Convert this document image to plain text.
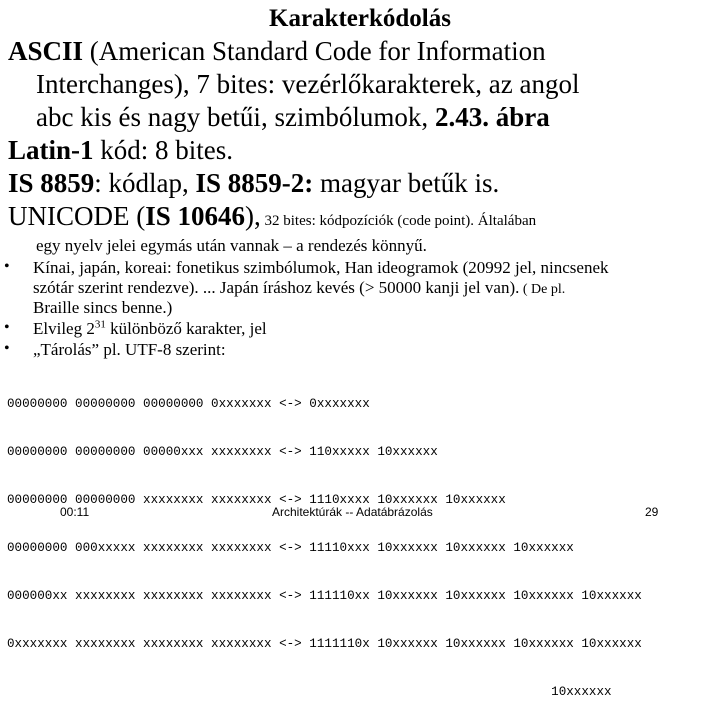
Karakterkódolás
ASCII (American Standard Code for Information
Interchanges), 7 bites: vezérlőkarakterek, az angol
abc kis és nagy betűi, szimbólumok, 2.43. ábra
Latin-1 kód: 8 bites.
IS 8859: kódlap, IS 8859-2: magyar betűk is.
UNICODE (IS 10646), 32 bites: kódpozíciók (code point). Általában
egy nyelv jelei egymás után vannak – a rendezés könnyű.
• Kínai, japán, koreai: fonetikus szimbólumok, Han ideogramok (20992 jel, nincsenek
szótár szerint rendezve). ... Japán íráshoz kevés (> 50000 kanji jel van). ( De pl.
Braille sincs benne.)
• Elvileg $2^{31}$ különböző karakter, jel
• „Tárolás” pl. UTF-8 szerint:

00000000 00000000 00000000 0xxxxxxx <-> 0xxxxxxx

00000000 00000000 00000xxx xxxxxxxx <-> 110xxxxx 10xxxxxx

00000000 00000000 xxxxxxxx xxxxxxxx <-> 1110xxxx 10xxxxxx 10xxxxxx

00000000 000xxxxx xxxxxxxx xxxxxxxx <-> 11110xxx 10xxxxxx 10xxxxxx 10xxxxxx

000000xx xxxxxxxx xxxxxxxx xxxxxxxx <-> 111110xx 10xxxxxx 10xxxxxx 10xxxxxx 10xxxxxx

0xxxxxxx xxxxxxxx xxxxxxxx xxxxxxxx <-> 1111110x 10xxxxxx 10xxxxxx 10xxxxxx 10xxxxxx

10xxxxxx

00:11	Architektúrák -- Adatábrázolás	29
